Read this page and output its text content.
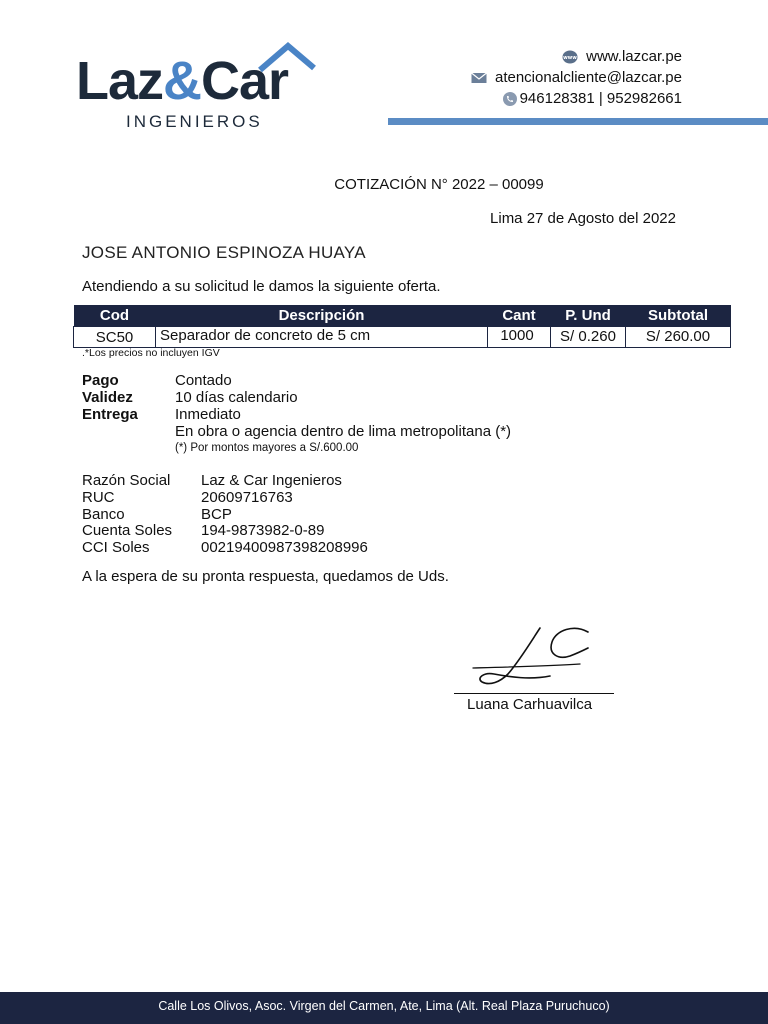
Laz&Car
INGENIEROS
www www.lazcar.pe
atencionalcliente@lazcar.pe
946128381 | 952982661
COTIZACIÓN N° 2022 – 00099
Lima 27 de Agosto del 2022
JOSE ANTONIO ESPINOZA HUAYA
Atendiendo a su solicitud le damos la siguiente oferta.
Cod	Descripción	Cant	P. Und	Subtotal
SC50	Separador de concreto de 5 cm	1000	S/ 0.260	S/ 260.00
.*Los precios no incluyen IGV
Pago	Contado
Validez	10 días calendario
Entrega	Inmediato
En obra o agencia dentro de lima metropolitana (*)
(*) Por montos mayores a S/.600.00
Razón Social	Laz & Car Ingenieros
RUC	20609716763
Banco	BCP
Cuenta Soles	194-9873982-0-89
CCI Soles	00219400987398208996
A la espera de su pronta respuesta, quedamos de Uds.
Luana Carhuavilca
Calle Los Olivos, Asoc. Virgen del Carmen, Ate, Lima (Alt. Real Plaza Puruchuco)
